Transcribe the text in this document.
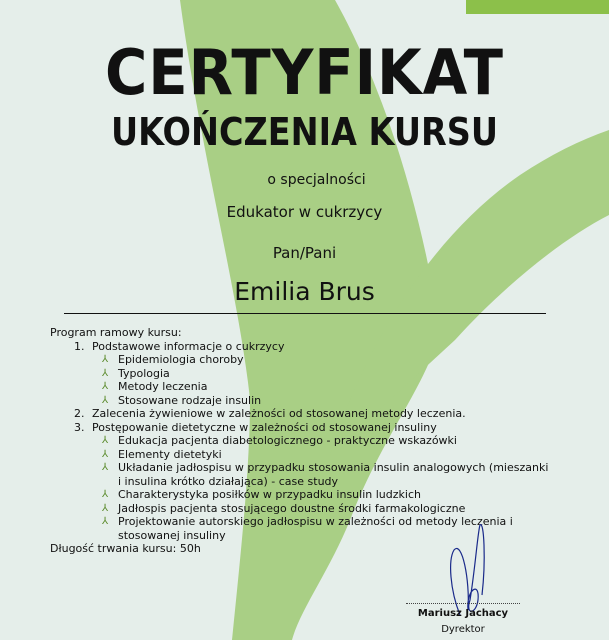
CERTYFIKAT
UKOŃCZENIA KURSU
o specjalności
Edukator w cukrzycy
Pan/Pani
Emilia Brus
Program ramowy kursu:
1. Podstawowe informacje o cukrzycy
⅄ Epidemiologia choroby
⅄ Typologia
⅄ Metody leczenia
⅄ Stosowane rodzaje insulin
2. Zalecenia żywieniowe w zależności od stosowanej metody leczenia.
3. Postępowanie dietetyczne w zależności od stosowanej insuliny
⅄ Edukacja pacjenta diabetologicznego - praktyczne wskazówki
⅄ Elementy dietetyki
⅄ Układanie jadłospisu w przypadku stosowania insulin analogowych (mieszanki i insulina krótko działająca) - case study
⅄ Charakterystyka posiłków w przypadku insulin ludzkich
⅄ Jadłospis pacjenta stosującego doustne środki farmakologiczne
⅄ Projektowanie autorskiego jadłospisu w zależności od metody leczenia i stosowanej insuliny
Długość trwania kursu: 50h
Mariusz Jachacy
Dyrektor
